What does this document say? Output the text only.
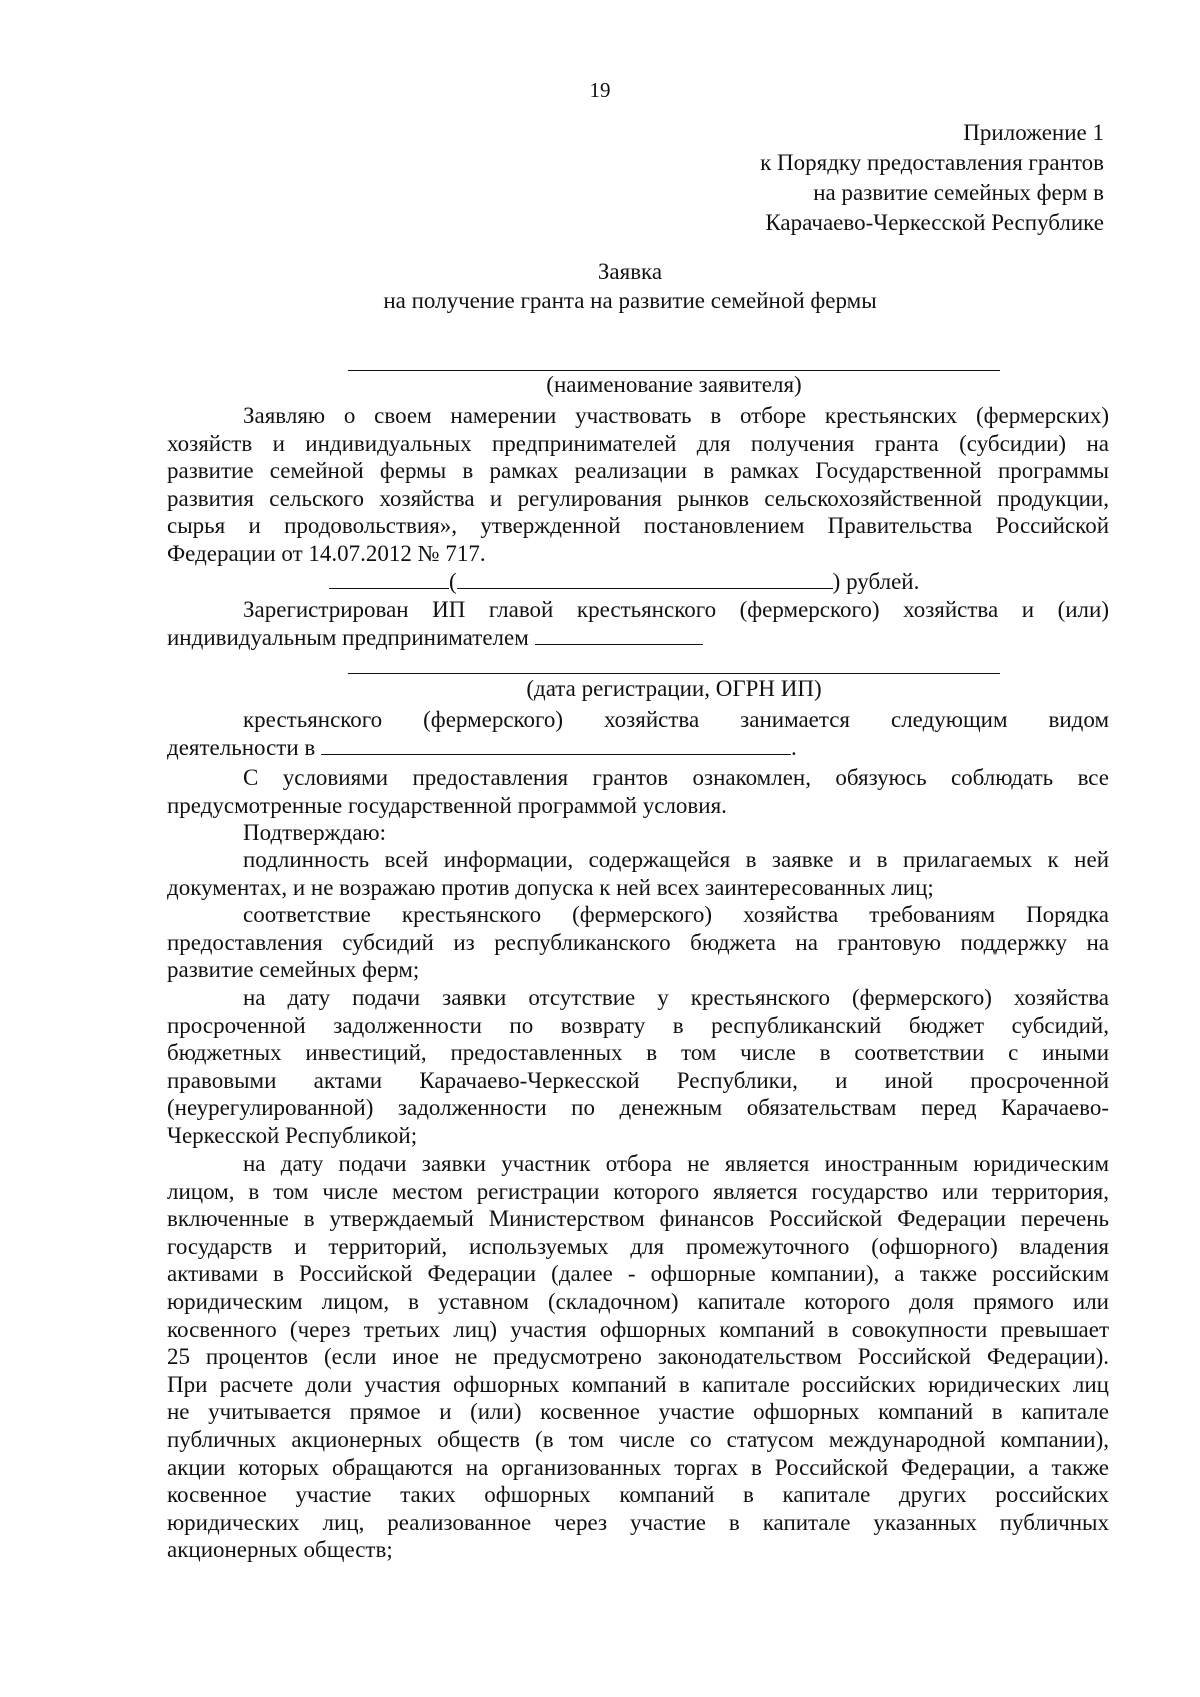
19
Приложение 1
к Порядку предоставления грантов
на развитие семейных ферм в
Карачаево-Черкесской Республике
Заявка
на получение гранта на развитие семейной фермы
(наименование заявителя)
Заявляю о своем намерении участвовать в отборе крестьянских (фермерских)
хозяйств и индивидуальных предпринимателей для получения гранта (субсидии) на
развитие семейной фермы в рамках реализации в рамках Государственной программы
развития сельского хозяйства и регулирования рынков сельскохозяйственной продукции,
сырья и продовольствия», утвержденной постановлением Правительства Российской
Федерации от 14.07.2012 № 717.
(	) рублей.
Зарегистрирован ИП главой крестьянского (фермерского) хозяйства и (или)
индивидуальным предпринимателем
(дата регистрации, ОГРН ИП)
крестьянского (фермерского) хозяйства занимается следующим видом
деятельности в	.
С условиями предоставления грантов ознакомлен, обязуюсь соблюдать все
предусмотренные государственной программой условия.
Подтверждаю:
подлинность всей информации, содержащейся в заявке и в прилагаемых к ней
документах, и не возражаю против допуска к ней всех заинтересованных лиц;
соответствие крестьянского (фермерского) хозяйства требованиям Порядка
предоставления субсидий из республиканского бюджета на грантовую поддержку на
развитие семейных ферм;
на дату подачи заявки отсутствие у крестьянского (фермерского) хозяйства
просроченной задолженности по возврату в республиканский бюджет субсидий,
бюджетных инвестиций, предоставленных в том числе в соответствии с иными
правовыми актами Карачаево-Черкесской Республики, и иной просроченной
(неурегулированной) задолженности по денежным обязательствам перед Карачаево-
Черкесской Республикой;
на дату подачи заявки участник отбора не является иностранным юридическим
лицом, в том числе местом регистрации которого является государство или территория,
включенные в утверждаемый Министерством финансов Российской Федерации перечень
государств и территорий, используемых для промежуточного (офшорного) владения
активами в Российской Федерации (далее - офшорные компании), а также российским
юридическим лицом, в уставном (складочном) капитале которого доля прямого или
косвенного (через третьих лиц) участия офшорных компаний в совокупности превышает
25 процентов (если иное не предусмотрено законодательством Российской Федерации).
При расчете доли участия офшорных компаний в капитале российских юридических лиц
не учитывается прямое и (или) косвенное участие офшорных компаний в капитале
публичных акционерных обществ (в том числе со статусом международной компании),
акции которых обращаются на организованных торгах в Российской Федерации, а также
косвенное участие таких офшорных компаний в капитале других российских
юридических лиц, реализованное через участие в капитале указанных публичных
акционерных обществ;
